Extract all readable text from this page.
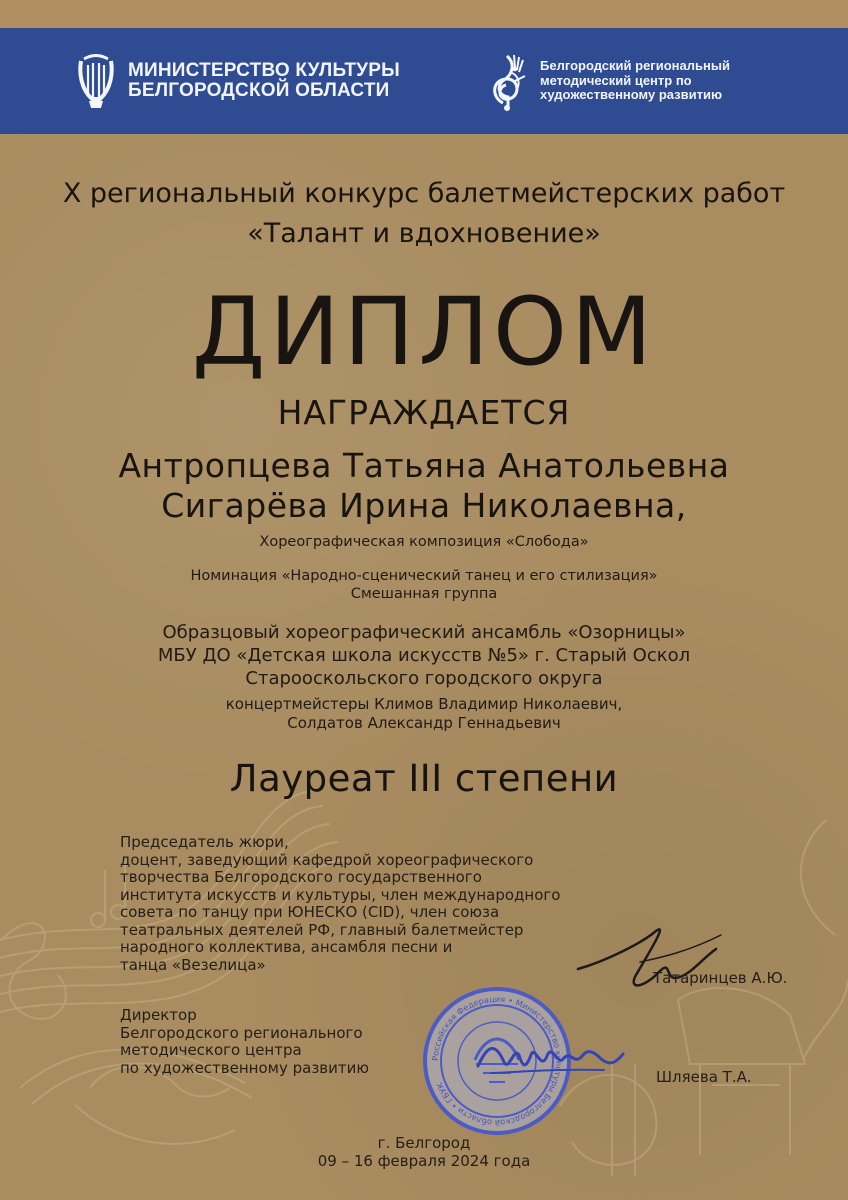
МИНИСТЕРСТВО КУЛЬТУРЫ
БЕЛГОРОДСКОЙ ОБЛАСТИ
Белгородский региональный
методический центр по
художественному развитию
X региональный конкурс балетмейстерских работ
«Талант и вдохновение»
ДИПЛОМ
НАГРАЖДАЕТСЯ
Антропцева Татьяна Анатольевна
Сигарёва Ирина Николаевна,
Хореографическая композиция «Слобода»
Номинация «Народно-сценический танец и его стилизация»
Смешанная группа
Образцовый хореографический ансамбль «Озорницы»
МБУ ДО «Детская школа искусств №5» г. Старый Оскол
Старооскольского городского округа
концертмейстеры Климов Владимир Николаевич,
Солдатов Александр Геннадьевич
Лауреат III степени
Председатель жюри,
доцент, заведующий кафедрой хореографического
творчества Белгородского государственного
института искусств и культуры, член международного
совета по танцу при ЮНЕСКО (CID), член союза
театральных деятелей РФ, главный балетмейстер
народного коллектива, ансамбля песни и
танца «Везелица»
Татаринцев А.Ю.
Директор
Белгородского регионального
методического центра
по художественному развитию
Шляева Т.А.
Российская Федерация • Министерство культуры Белгородской области • ГБУК
г. Белгород
09 – 16 февраля 2024 года
